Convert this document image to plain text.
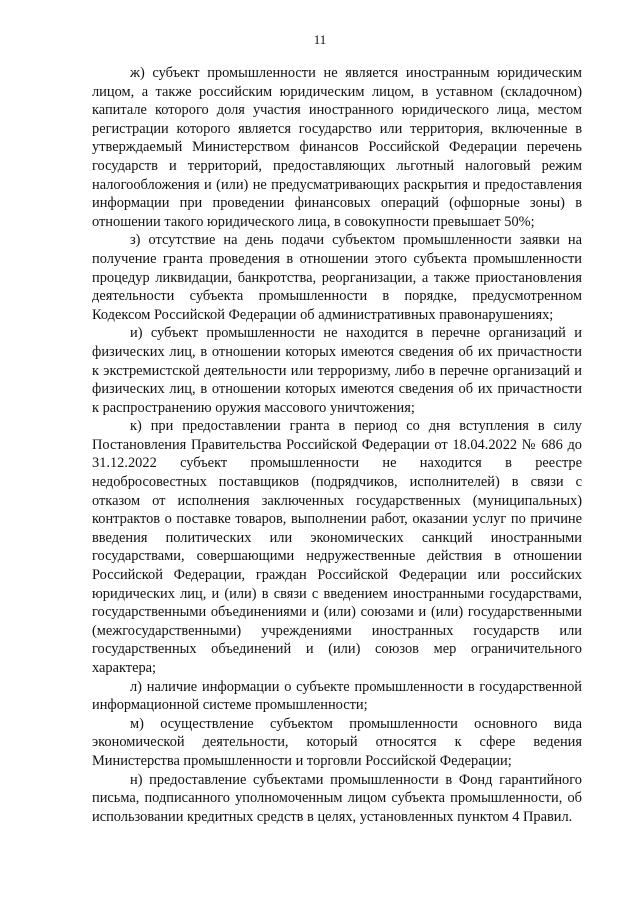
11

ж) субъект промышленности не является иностранным юридическим лицом, а также российским юридическим лицом, в уставном (складочном) капитале которого доля участия иностранного юридического лица, местом регистрации которого является государство или территория, включенные в утверждаемый Министерством финансов Российской Федерации перечень государств и территорий, предоставляющих льготный налоговый режим налогообложения и (или) не предусматривающих раскрытия и предоставления информации при проведении финансовых операций (офшорные зоны) в отношении такого юридического лица, в совокупности превышает 50%;

з) отсутствие на день подачи субъектом промышленности заявки на получение гранта проведения в отношении этого субъекта промышленности процедур ликвидации, банкротства, реорганизации, а также приостановления деятельности субъекта промышленности в порядке, предусмотренном Кодексом Российской Федерации об административных правонарушениях;

и) субъект промышленности не находится в перечне организаций и физических лиц, в отношении которых имеются сведения об их причастности к экстремистской деятельности или терроризму, либо в перечне организаций и физических лиц, в отношении которых имеются сведения об их причастности к распространению оружия массового уничтожения;

к) при предоставлении гранта в период со дня вступления в силу Постановления Правительства Российской Федерации от 18.04.2022 № 686 до 31.12.2022 субъект промышленности не находится в реестре недобросовестных поставщиков (подрядчиков, исполнителей) в связи с отказом от исполнения заключенных государственных (муниципальных) контрактов о поставке товаров, выполнении работ, оказании услуг по причине введения политических или экономических санкций иностранными государствами, совершающими недружественные действия в отношении Российской Федерации, граждан Российской Федерации или российских юридических лиц, и (или) в связи с введением иностранными государствами, государственными объединениями и (или) союзами и (или) государственными (межгосударственными) учреждениями иностранных государств или государственных объединений и (или) союзов мер ограничительного характера;

л) наличие информации о субъекте промышленности в государственной информационной системе промышленности;

м) осуществление субъектом промышленности основного вида экономической деятельности, который относятся к сфере ведения Министерства промышленности и торговли Российской Федерации;

н) предоставление субъектами промышленности в Фонд гарантийного письма, подписанного уполномоченным лицом субъекта промышленности, об использовании кредитных средств в целях, установленных пунктом 4 Правил.
